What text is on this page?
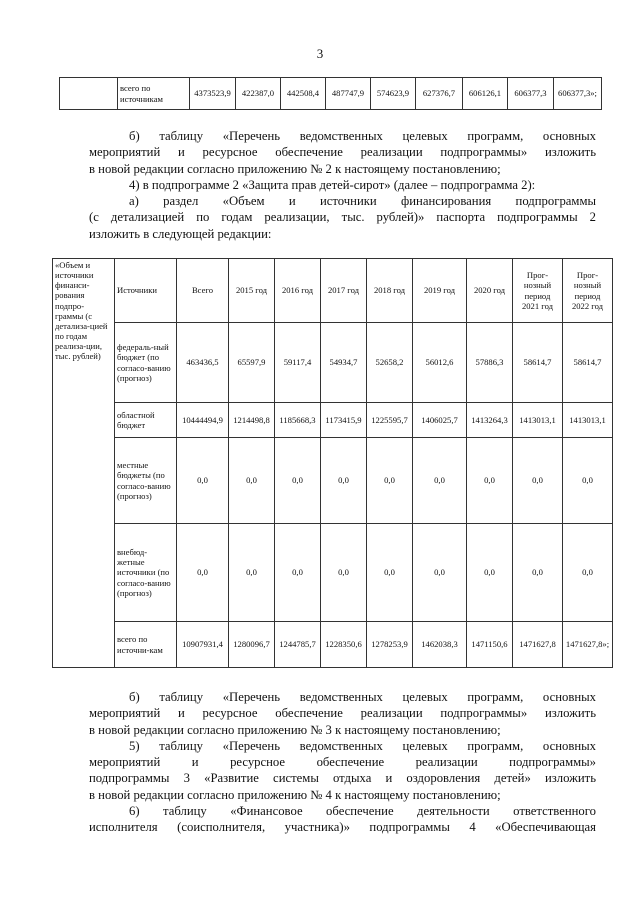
3
	всего по источникам	4373523,9	422387,0	442508,4	487747,9	574623,9	627376,7	606126,1	606377,3	606377,3»;
б) таблицу «Перечень ведомственных целевых программ, основных
мероприятий и ресурсное обеспечение реализации подпрограммы» изложить
в новой редакции согласно приложению № 2 к настоящему постановлению;
4) в подпрограмме 2 «Защита прав детей-сирот» (далее – подпрограмма 2):
а) раздел «Объем и источники финансирования подпрограммы
(с детализацией по годам реализации, тыс. рублей)» паспорта подпрограммы 2
изложить в следующей редакции:
«Объем и источники финанси-рования подпро-граммы (с детализа-цией по годам реализа-ции, тыс. рублей)	Источники	Всего	2015 год	2016 год	2017 год	2018 год	2019 год	2020 год	Прог-нозный период 2021 год	Прог-нозный период 2022 год
	федераль-ный бюджет (по согласо-ванию (прогноз)	463436,5	65597,9	59117,4	54934,7	52658,2	56012,6	57886,3	58614,7	58614,7
	областной бюджет	10444494,9	1214498,8	1185668,3	1173415,9	1225595,7	1406025,7	1413264,3	1413013,1	1413013,1
	местные бюджеты (по согласо-ванию (прогноз)	0,0	0,0	0,0	0,0	0,0	0,0	0,0	0,0	0,0
	внебюд-жетные источники (по согласо-ванию (прогноз)	0,0	0,0	0,0	0,0	0,0	0,0	0,0	0,0	0,0
	всего по источни-кам	10907931,4	1280096,7	1244785,7	1228350,6	1278253,9	1462038,3	1471150,6	1471627,8	1471627,8»;
б) таблицу «Перечень ведомственных целевых программ, основных
мероприятий и ресурсное обеспечение реализации подпрограммы» изложить
в новой редакции согласно приложению № 3 к настоящему постановлению;
5) таблицу «Перечень ведомственных целевых программ, основных
мероприятий и ресурсное обеспечение реализации подпрограммы»
подпрограммы 3 «Развитие системы отдыха и оздоровления детей» изложить
в новой редакции согласно приложению № 4 к настоящему постановлению;
6) таблицу «Финансовое обеспечение деятельности ответственного
исполнителя (соисполнителя, участника)» подпрограммы 4 «Обеспечивающая
